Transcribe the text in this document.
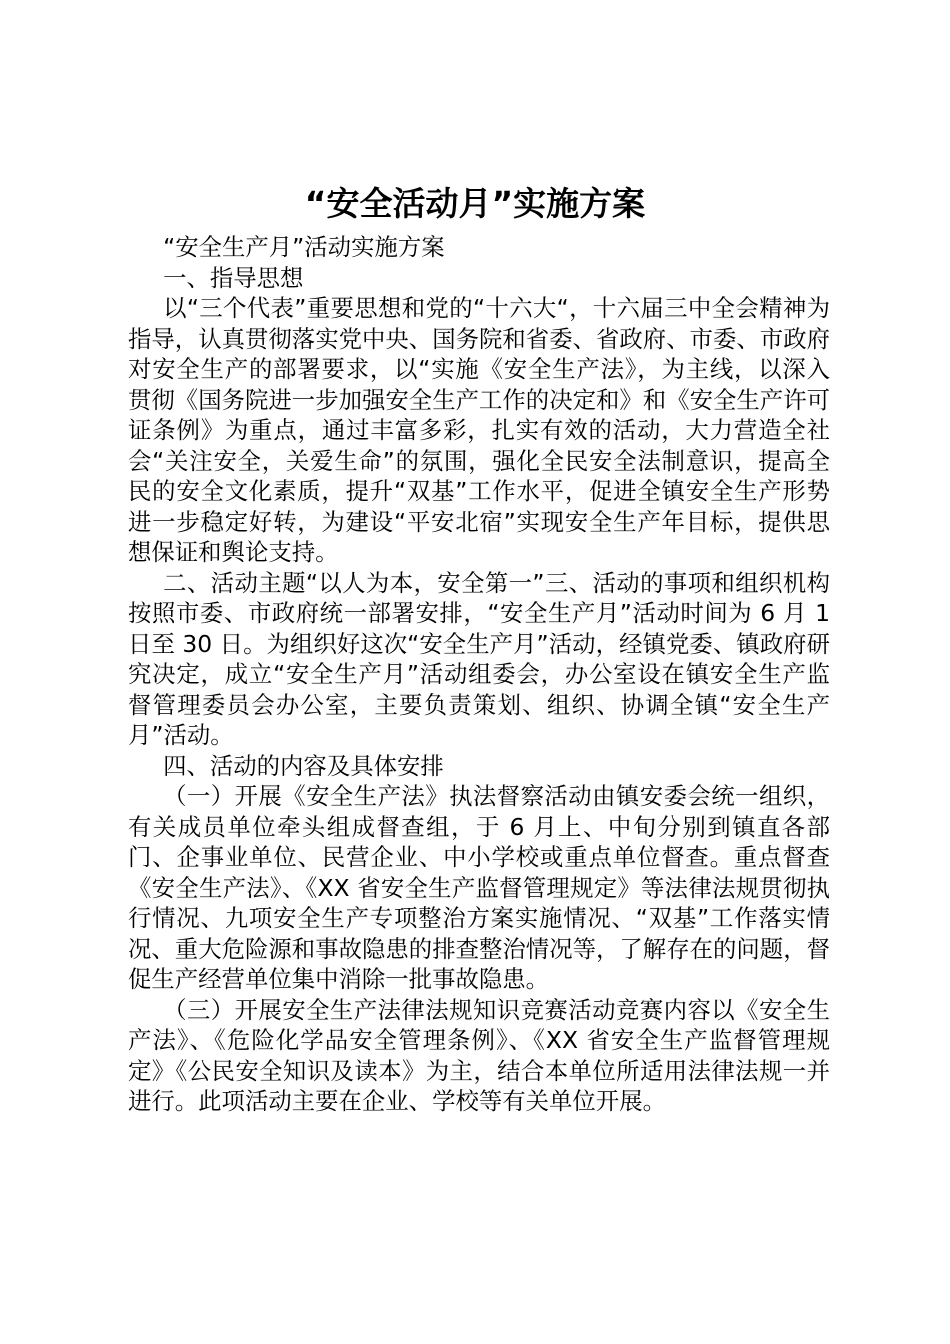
“安全活动月”实施方案

“安全生产月”活动实施方案

一、指导思想

以“三个代表”重要思想和党的“十六大“，十六届三中全会精神为指导，认真贯彻落实党中央、国务院和省委、省政府、市委、市政府对安全生产的部署要求，以“实施《安全生产法》，为主线，以深入贯彻《国务院进一步加强安全生产工作的决定和》和《安全生产许可证条例》为重点，通过丰富多彩，扎实有效的活动，大力营造全社会“关注安全，关爱生命”的氛围，强化全民安全法制意识，提高全民的安全文化素质，提升“双基”工作水平，促进全镇安全生产形势进一步稳定好转，为建设“平安北宿”实现安全生产年目标，提供思想保证和舆论支持。

二、活动主题“以人为本，安全第一”三、活动的事项和组织机构按照市委、市政府统一部署安排，“安全生产月”活动时间为 6 月 1 日至 30 日。为组织好这次“安全生产月”活动，经镇党委、镇政府研究决定，成立“安全生产月”活动组委会，办公室设在镇安全生产监督管理委员会办公室，主要负责策划、组织、协调全镇“安全生产月”活动。

四、活动的内容及具体安排

（一）开展《安全生产法》执法督察活动由镇安委会统一组织，有关成员单位牵头组成督查组，于 6 月上、中旬分别到镇直各部门、企事业单位、民营企业、中小学校或重点单位督查。重点督查《安全生产法》、《XX 省安全生产监督管理规定》等法律法规贯彻执行情况、九项安全生产专项整治方案实施情况、“双基”工作落实情况、重大危险源和事故隐患的排查整治情况等，了解存在的问题，督促生产经营单位集中消除一批事故隐患。

（三）开展安全生产法律法规知识竞赛活动竞赛内容以《安全生产法》、《危险化学品安全管理条例》、《XX 省安全生产监督管理规定》《公民安全知识及读本》为主，结合本单位所适用法律法规一并进行。此项活动主要在企业、学校等有关单位开展。
